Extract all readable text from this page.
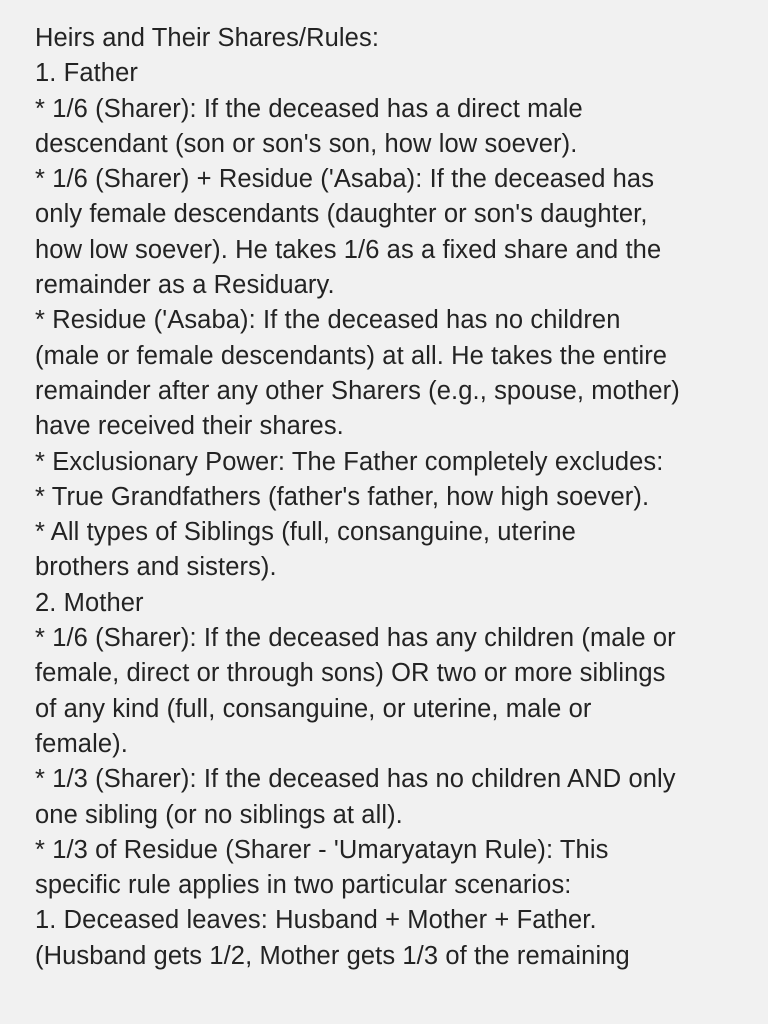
Heirs and Their Shares/Rules:
1. Father
* 1/6 (Sharer): If the deceased has a direct male
descendant (son or son's son, how low soever).
* 1/6 (Sharer) + Residue ('Asaba): If the deceased has
only female descendants (daughter or son's daughter,
how low soever). He takes 1/6 as a fixed share and the
remainder as a Residuary.
* Residue ('Asaba): If the deceased has no children
(male or female descendants) at all. He takes the entire
remainder after any other Sharers (e.g., spouse, mother)
have received their shares.
* Exclusionary Power: The Father completely excludes:
* True Grandfathers (father's father, how high soever).
* All types of Siblings (full, consanguine, uterine
brothers and sisters).
2. Mother
* 1/6 (Sharer): If the deceased has any children (male or
female, direct or through sons) OR two or more siblings
of any kind (full, consanguine, or uterine, male or
female).
* 1/3 (Sharer): If the deceased has no children AND only
one sibling (or no siblings at all).
* 1/3 of Residue (Sharer - 'Umaryatayn Rule): This
specific rule applies in two particular scenarios:
1. Deceased leaves: Husband + Mother + Father.
(Husband gets 1/2, Mother gets 1/3 of the remaining
